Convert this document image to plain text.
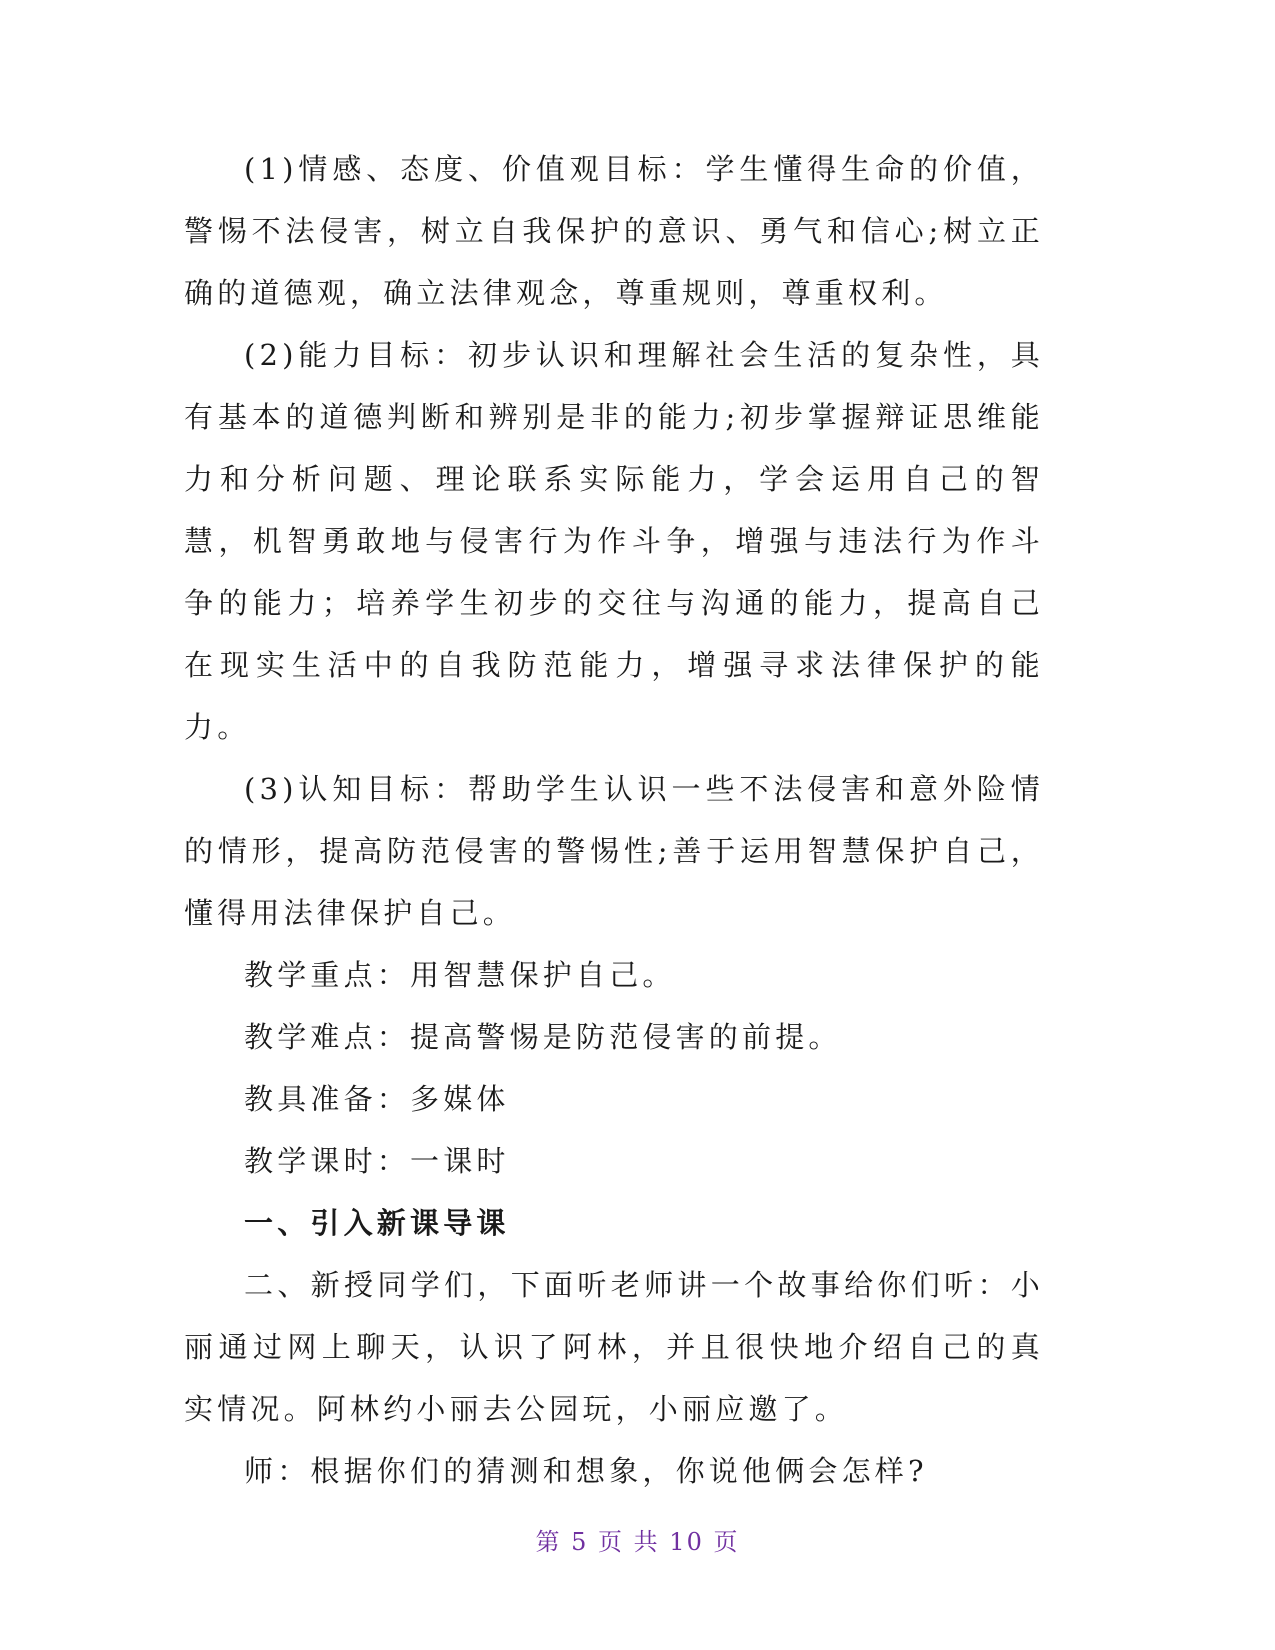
(1)情感、态度、价值观目标：学生懂得生命的价值，警惕不法侵害，树立自我保护的意识、勇气和信心;树立正确的道德观，确立法律观念，尊重规则，尊重权利。

(2)能力目标：初步认识和理解社会生活的复杂性，具有基本的道德判断和辨别是非的能力;初步掌握辩证思维能力和分析问题、理论联系实际能力，学会运用自己的智慧，机智勇敢地与侵害行为作斗争，增强与违法行为作斗争的能力；培养学生初步的交往与沟通的能力，提高自己在现实生活中的自我防范能力，增强寻求法律保护的能力。

(3)认知目标：帮助学生认识一些不法侵害和意外险情的情形，提高防范侵害的警惕性;善于运用智慧保护自己，懂得用法律保护自己。

教学重点：用智慧保护自己。

教学难点：提高警惕是防范侵害的前提。

教具准备：多媒体

教学课时：一课时

一、引入新课导课

二、新授同学们，下面听老师讲一个故事给你们听：小丽通过网上聊天，认识了阿林，并且很快地介绍自己的真实情况。阿林约小丽去公园玩，小丽应邀了。

师：根据你们的猜测和想象，你说他俩会怎样?

第 5 页 共 10 页
